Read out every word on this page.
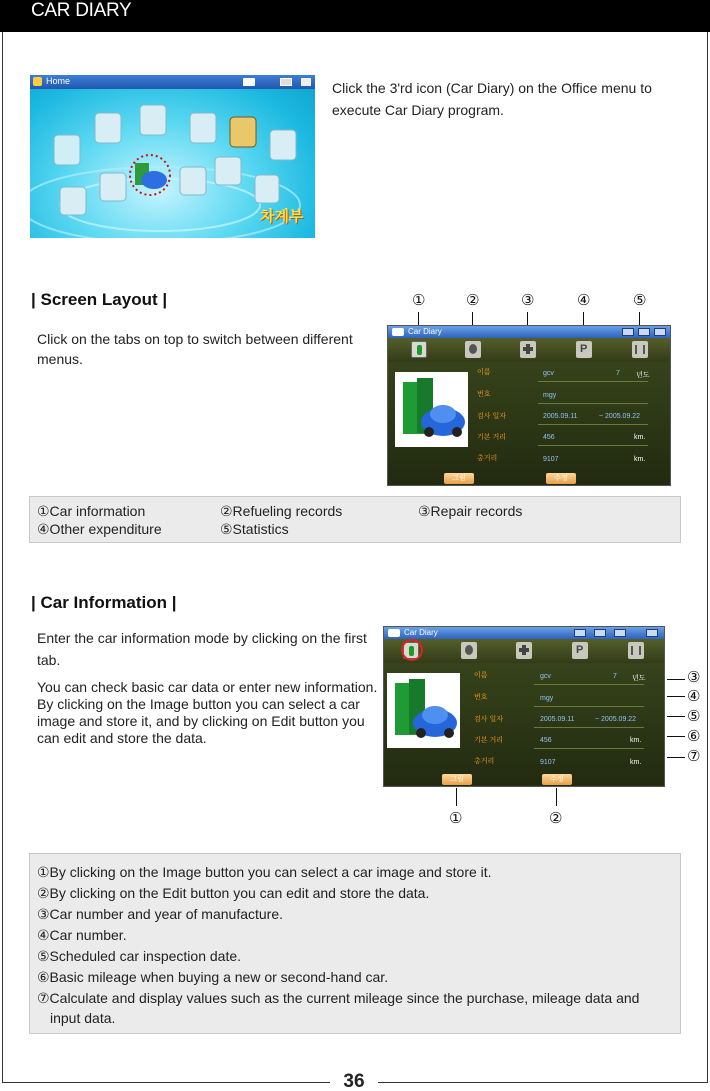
CAR DIARY
36
Home
차계부
Click the 3'rd icon (Car Diary) on the Office menu to execute Car Diary program.
| Screen Layout |
Click on the tabs on top to switch between different menus.
①	②	③	④	⑤
Car Diary
P
이름	gcv	7 년도
번호	mgy
검사 일자	2005.09.11	~ 2005.09.22
기본 거리	456	km.
총거리	9107	km.
그림	수정
①Car information	②Refueling records	③Repair records
④Other expenditure	⑤Statistics
| Car Information |
Enter the car information mode by clicking on the first tab.
You can check basic car data or enter new information. By clicking on the Image button you can select a car image and store it, and by clicking on Edit button you can edit and store the data.
Car Diary
P
이름	gcv	7 년도
번호	mgy
검사 일자	2005.09.11	~ 2005.09.22
기본 거리	456	km.
총거리	9107	km.
그림	수정
③
④
⑤
⑥
⑦
①	②
①By clicking on the Image button you can select a car image and store it.
②By clicking on the Edit button you can edit and store the data.
③Car number and year of manufacture.
④Car number.
⑤Scheduled car inspection date.
⑥Basic mileage when buying a new or second-hand car.
⑦Calculate and display values such as the current mileage since the purchase, mileage data and input data.
